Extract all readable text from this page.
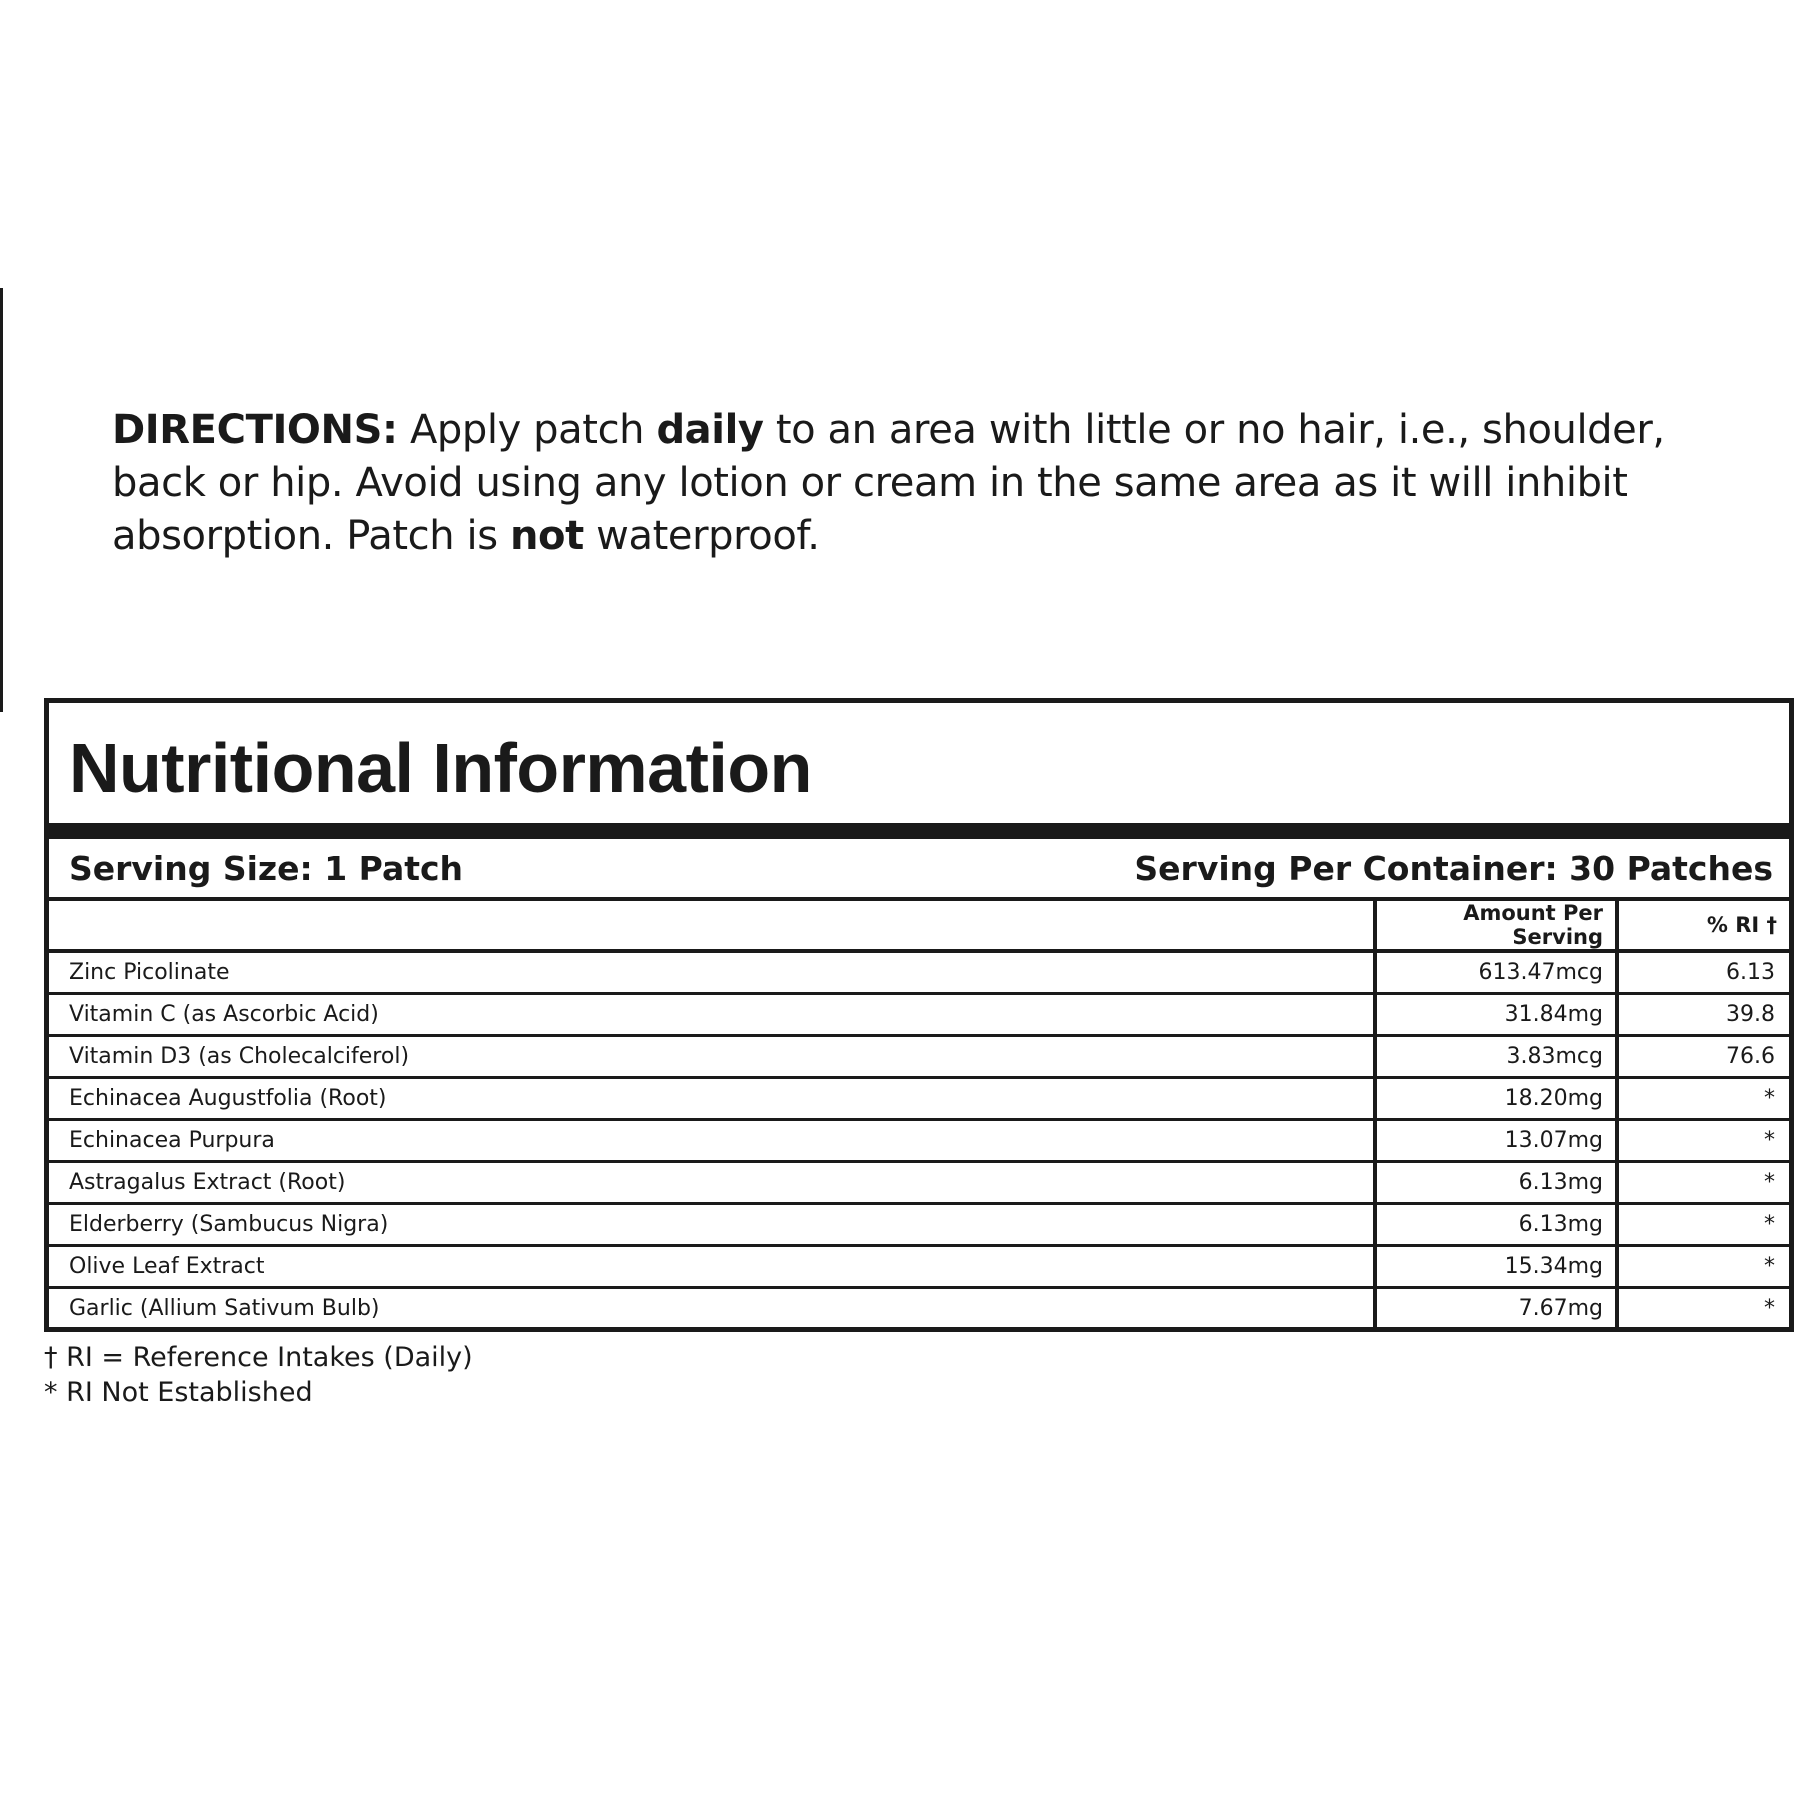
DIRECTIONS: Apply patch daily to an area with little or no hair, i.e., shoulder, back or hip. Avoid using any lotion or cream in the same area as it will inhibit absorption. Patch is not waterproof.
Nutritional Information
Serving Size: 1 Patch	Serving Per Container: 30 Patches
	Amount Per Serving	% RI †
Zinc Picolinate	613.47mcg	6.13
Vitamin C (as Ascorbic Acid)	31.84mg	39.8
Vitamin D3 (as Cholecalciferol)	3.83mcg	76.6
Echinacea Augustfolia (Root)	18.20mg	*
Echinacea Purpura	13.07mg	*
Astragalus Extract (Root)	6.13mg	*
Elderberry (Sambucus Nigra)	6.13mg	*
Olive Leaf Extract	15.34mg	*
Garlic (Allium Sativum Bulb)	7.67mg	*
† RI = Reference Intakes (Daily)
* RI Not Established
